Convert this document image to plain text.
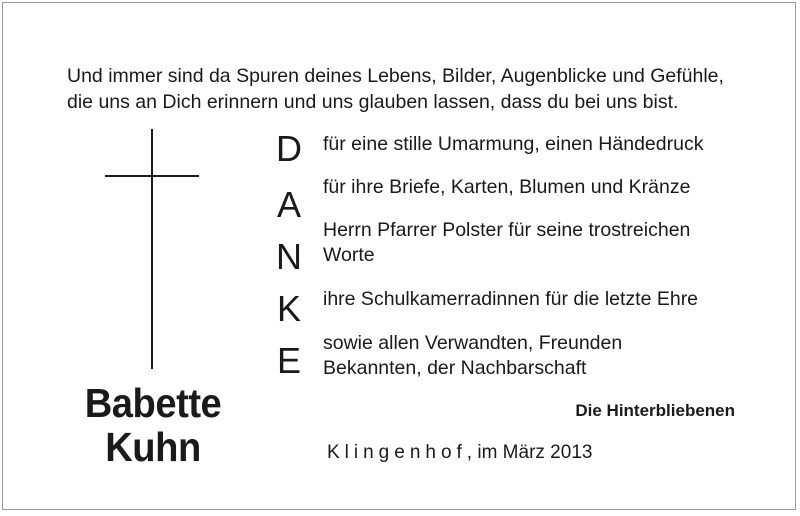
Und immer sind da Spuren deines Lebens, Bilder, Augenblicke und Gefühle,
die uns an Dich erinnern und uns glauben lassen, dass du bei uns bist.
Babette
Kuhn
D
A
N
K
E
für eine stille Umarmung, einen Händedruck
für ihre Briefe, Karten, Blumen und Kränze
Herrn Pfarrer Polster für seine trostreichen
Worte
ihre Schulkamerradinnen für die letzte Ehre
sowie allen Verwandten, Freunden
Bekannten, der Nachbarschaft
Die Hinterbliebenen
Klingenhof, im März 2013
